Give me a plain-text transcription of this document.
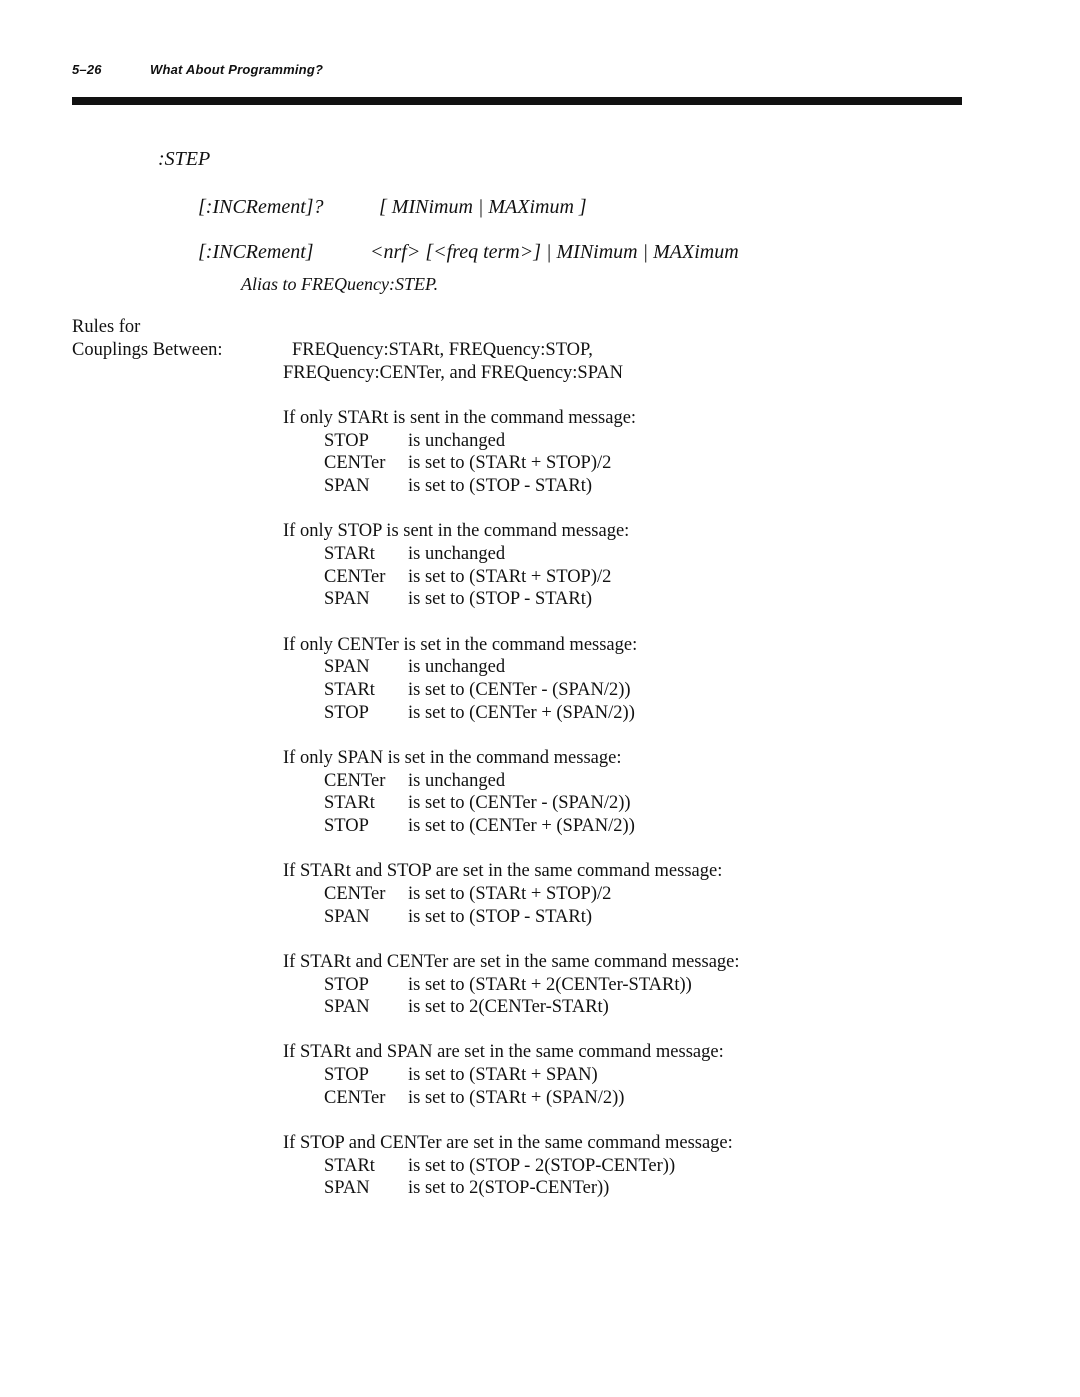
5–26	What About Programming?
:STEP
[:INCRement]?	[ MINimum | MAXimum ]
[:INCRement]	<nrf> [<freq term>] | MINimum | MAXimum
Alias to FREQuency:STEP.
Rules for
Couplings Between:	FREQuency:STARt, FREQuency:STOP,
FREQuency:CENTer, and FREQuency:SPAN
If only STARt is sent in the command message:
STOP is unchanged
CENTer is set to (STARt + STOP)/2
SPAN is set to (STOP - STARt)
If only STOP is sent in the command message:
STARt is unchanged
CENTer is set to (STARt + STOP)/2
SPAN is set to (STOP - STARt)
If only CENTer is set in the command message:
SPAN is unchanged
STARt is set to (CENTer - (SPAN/2))
STOP is set to (CENTer + (SPAN/2))
If only SPAN is set in the command message:
CENTer is unchanged
STARt is set to (CENTer - (SPAN/2))
STOP is set to (CENTer + (SPAN/2))
If STARt and STOP are set in the same command message:
CENTer is set to (STARt + STOP)/2
SPAN is set to (STOP - STARt)
If STARt and CENTer are set in the same command message:
STOP is set to (STARt + 2(CENTer-STARt))
SPAN is set to 2(CENTer-STARt)
If STARt and SPAN are set in the same command message:
STOP is set to (STARt + SPAN)
CENTer is set to (STARt + (SPAN/2))
If STOP and CENTer are set in the same command message:
STARt is set to (STOP - 2(STOP-CENTer))
SPAN is set to 2(STOP-CENTer))
